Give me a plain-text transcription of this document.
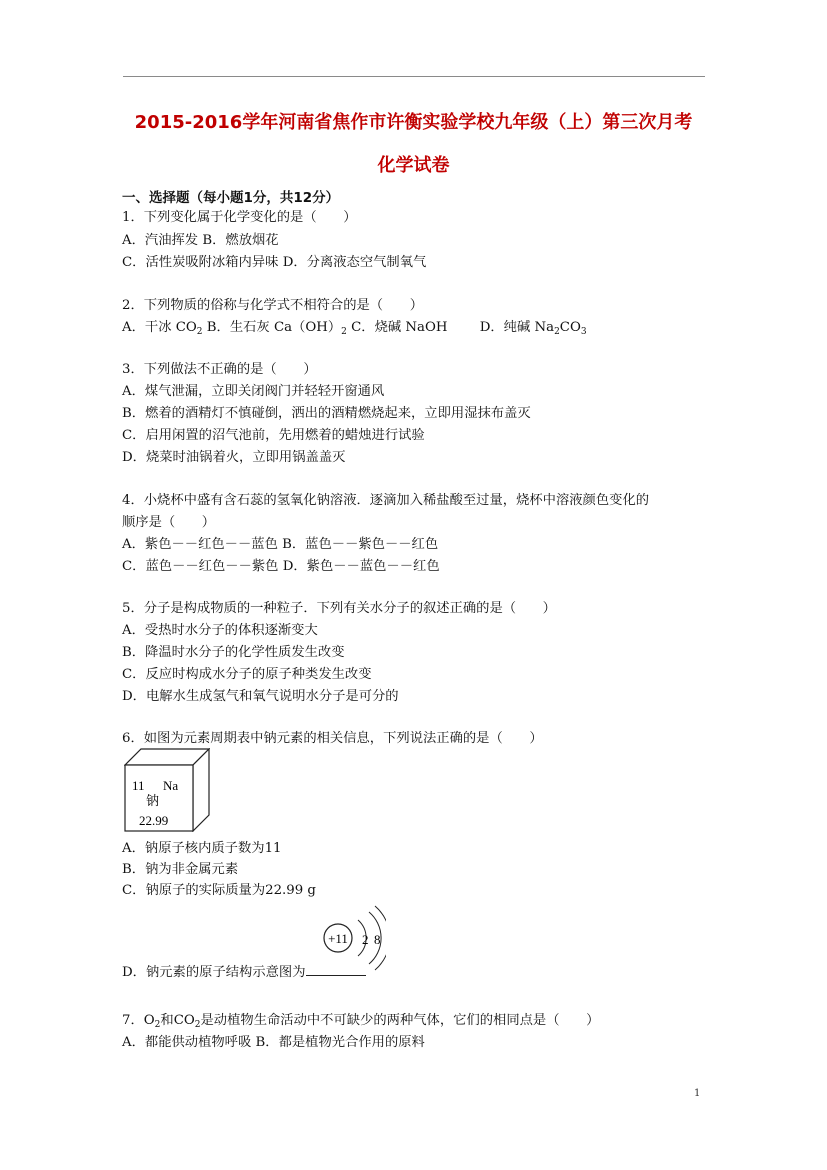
2015-2016学年河南省焦作市许衡实验学校九年级（上）第三次月考
化学试卷
一、选择题（每小题1分，共12分）
1．下列变化属于化学变化的是（　　）
A．汽油挥发 B．燃放烟花
C．活性炭吸附冰箱内异味 D．分离液态空气制氧气
2．下列物质的俗称与化学式不相符合的是（　　）
A．干冰 $CO_2$ B．生石灰 $Ca(OH)_2$ C．烧碱 NaOH D．纯碱 $Na_2CO_3$
3．下列做法不正确的是（　　）
A．煤气泄漏，立即关闭阀门并轻轻开窗通风
B．燃着的酒精灯不慎碰倒，洒出的酒精燃烧起来，立即用湿抹布盖灭
C．启用闲置的沼气池前，先用燃着的蜡烛进行试验
D．烧菜时油锅着火，立即用锅盖盖灭
4．小烧杯中盛有含石蕊的氢氧化钠溶液．逐滴加入稀盐酸至过量，烧杯中溶液颜色变化的
顺序是（　　）
A．紫色－－红色－－蓝色 B．蓝色－－紫色－－红色
C．蓝色－－红色－－紫色 D．紫色－－蓝色－－红色
5．分子是构成物质的一种粒子．下列有关水分子的叙述正确的是（　　）
A．受热时水分子的体积逐渐变大
B．降温时水分子的化学性质发生改变
C．反应时构成水分子的原子种类发生改变
D．电解水生成氢气和氧气说明水分子是可分的
6．如图为元素周期表中钠元素的相关信息，下列说法正确的是（　　）
11 Na
钠
22.99
A．钠原子核内质子数为11
B．钠为非金属元素
C．钠原子的实际质量为22.99 g
+11 2 8
D．钠元素的原子结构示意图为
7．$O_2$和$CO_2$是动植物生命活动中不可缺少的两种气体，它们的相同点是（　　）
A．都能供动植物呼吸 B．都是植物光合作用的原料
1
